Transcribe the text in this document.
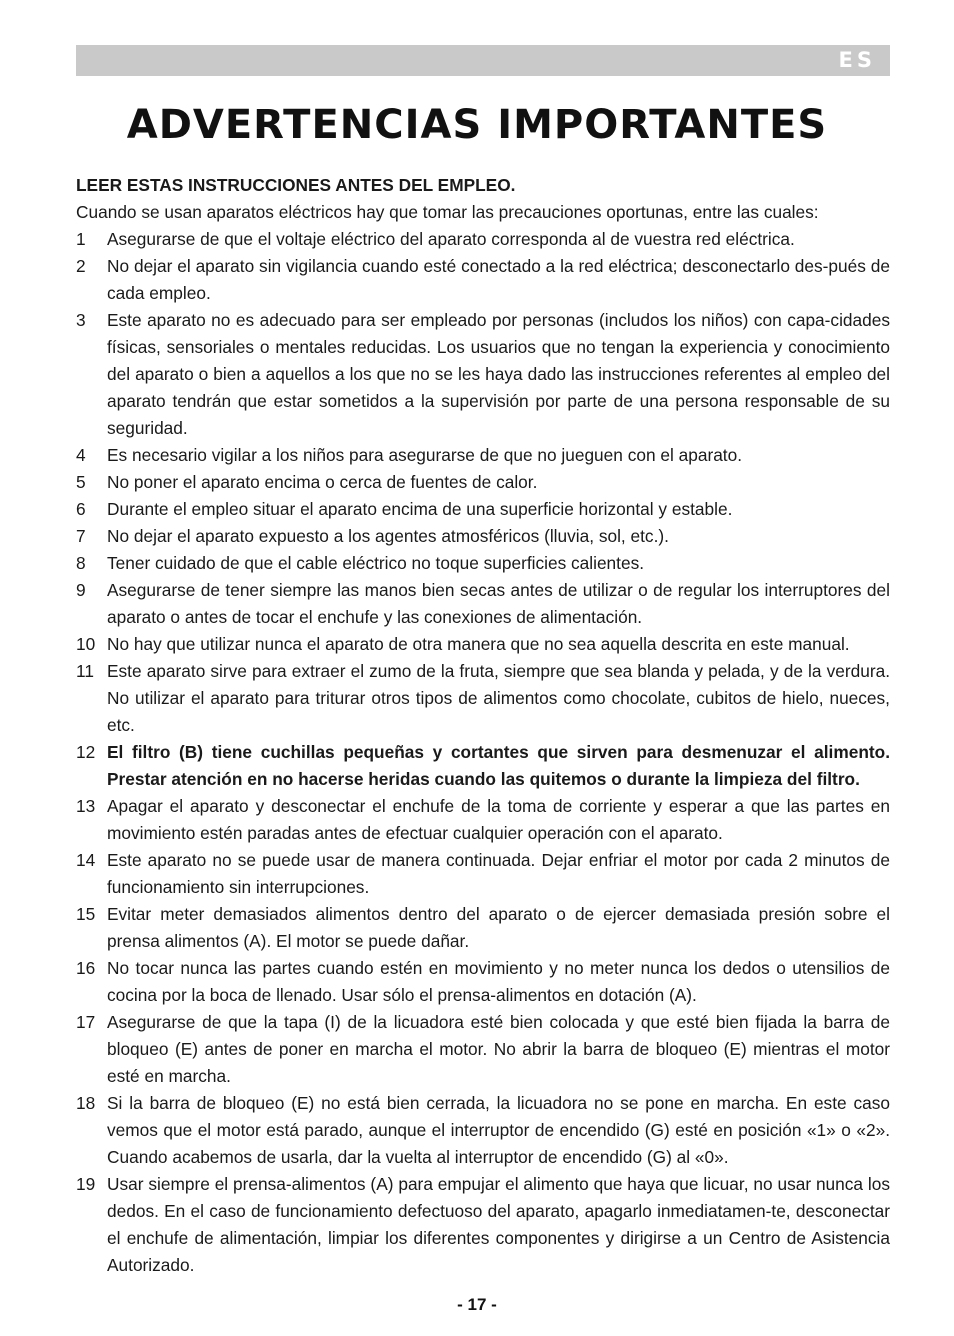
ES
ADVERTENCIAS IMPORTANTES

LEER ESTAS INSTRUCCIONES ANTES DEL EMPLEO.

Cuando se usan aparatos eléctricos hay que tomar las precauciones oportunas, entre las cuales:

1	Asegurarse de que el voltaje eléctrico del aparato corresponda al de vuestra red eléctrica.
2	No dejar el aparato sin vigilancia cuando esté conectado a la red eléctrica; desconectarlo des-pués de cada empleo.
3	Este aparato no es adecuado para ser empleado por personas (includos los niños) con capa-cidades físicas, sensoriales o mentales reducidas. Los usuarios que no tengan la experiencia y conocimiento del aparato o bien a aquellos a los que no se les haya dado las instrucciones referentes al empleo del aparato tendrán que estar sometidos a la supervisión por parte de una persona responsable de su seguridad.
4	Es necesario vigilar a los niños para asegurarse de que no jueguen con el aparato.
5	No poner el aparato encima o cerca de fuentes de calor.
6	Durante el empleo situar el aparato encima de una superficie horizontal y estable.
7	No dejar el aparato expuesto a los agentes atmosféricos (lluvia, sol, etc.).
8	Tener cuidado de que el cable eléctrico no toque superficies calientes.
9	Asegurarse de tener siempre las manos bien secas antes de utilizar o de regular los interruptores del aparato o antes de tocar el enchufe y las conexiones de alimentación.
10 No hay que utilizar nunca el aparato de otra manera que no sea aquella descrita en este manual.
11 Este aparato sirve para extraer el zumo de la fruta, siempre que sea blanda y pelada, y de la verdura. No utilizar el aparato para triturar otros tipos de alimentos como chocolate, cubitos de hielo, nueces, etc.
12 El filtro (B) tiene cuchillas pequeñas y cortantes que sirven para desmenuzar el alimento. Prestar atención en no hacerse heridas cuando las quitemos o durante la limpieza del filtro.
13 Apagar el aparato y desconectar el enchufe de la toma de corriente y esperar a que las partes en movimiento estén paradas antes de efectuar cualquier operación con el aparato.
14 Este aparato no se puede usar de manera continuada. Dejar enfriar el motor por cada 2 minutos de funcionamiento sin interrupciones.
15 Evitar meter demasiados alimentos dentro del aparato o de ejercer demasiada presión sobre el prensa alimentos (A). El motor se puede dañar.
16 No tocar nunca las partes cuando estén en movimiento y no meter nunca los dedos o utensilios de cocina por la boca de llenado. Usar sólo el prensa-alimentos en dotación (A).
17 Asegurarse de que la tapa (I) de la licuadora esté bien colocada y que esté bien fijada la barra de bloqueo (E) antes de poner en marcha el motor. No abrir la barra de bloqueo (E) mientras el motor esté en marcha.
18 Si la barra de bloqueo (E) no está bien cerrada, la licuadora no se pone en marcha. En este caso vemos que el motor está parado, aunque el interruptor de encendido (G) esté en posición «1» o «2». Cuando acabemos de usarla, dar la vuelta al interruptor de encendido (G) al «0».
19 Usar siempre el prensa-alimentos (A) para empujar el alimento que haya que licuar, no usar nunca los dedos. En el caso de funcionamiento defectuoso del aparato, apagarlo inmediatamen-te, desconectar el enchufe de alimentación, limpiar los diferentes componentes y dirigirse a un Centro de Asistencia Autorizado.
- 17 -
